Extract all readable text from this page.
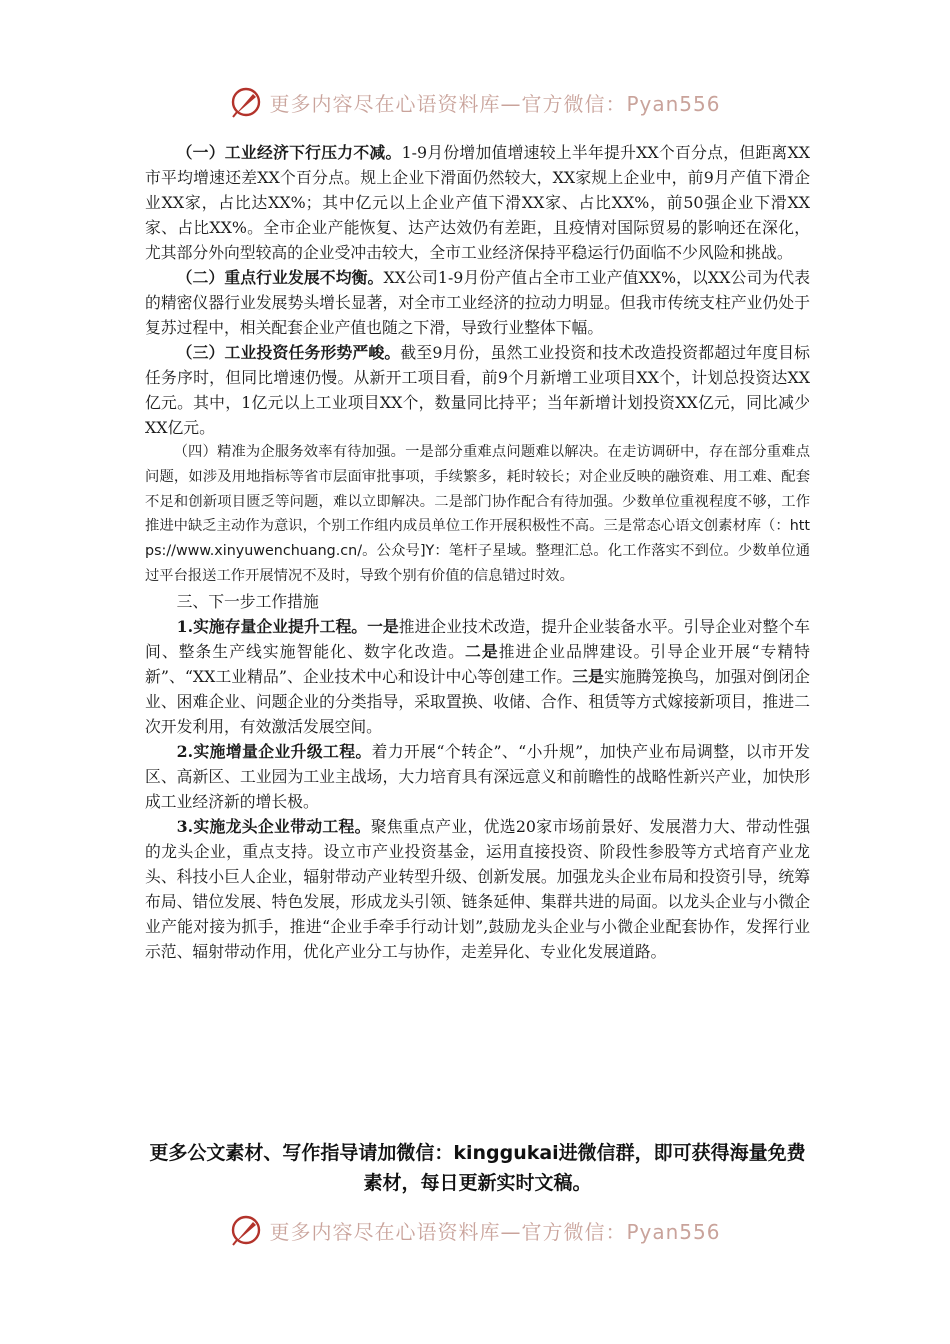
更多内容尽在心语资料库—官方微信：Pyan556

（一）工业经济下行压力不减。1-9月份增加值增速较上半年提升XX个百分点，但距离XX市平均增速还差XX个百分点。规上企业下滑面仍然较大，XX家规上企业中，前9月产值下滑企业XX家，占比达XX%；其中亿元以上企业产值下滑XX家、占比XX%，前50强企业下滑XX家、占比XX%。全市企业产能恢复、达产达效仍有差距，且疫情对国际贸易的影响还在深化，尤其部分外向型较高的企业受冲击较大，全市工业经济保持平稳运行仍面临不少风险和挑战。

（二）重点行业发展不均衡。XX公司1-9月份产值占全市工业产值XX%，以XX公司为代表的精密仪器行业发展势头增长显著，对全市工业经济的拉动力明显。但我市传统支柱产业仍处于复苏过程中，相关配套企业产值也随之下滑，导致行业整体下幅。

（三）工业投资任务形势严峻。截至9月份，虽然工业投资和技术改造投资都超过年度目标任务序时，但同比增速仍慢。从新开工项目看，前9个月新增工业项目XX个，计划总投资达XX亿元。其中，1亿元以上工业项目XX个，数量同比持平；当年新增计划投资XX亿元，同比减少XX亿元。

（四）精准为企服务效率有待加强。一是部分重难点问题难以解决。在走访调研中，存在部分重难点问题，如涉及用地指标等省市层面审批事项，手续繁多，耗时较长；对企业反映的融资难、用工难、配套不足和创新项目匮乏等问题，难以立即解决。二是部门协作配合有待加强。少数单位重视程度不够，工作推进中缺乏主动作为意识，个别工作组内成员单位工作开展积极性不高。三是常态心语文创素材库（：https://www.xinyuwenchuang.cn/。公众号]Y：笔杆子星域。整理汇总。化工作落实不到位。少数单位通过平台报送工作开展情况不及时，导致个别有价值的信息错过时效。

三、下一步工作措施

1.实施存量企业提升工程。一是推进企业技术改造，提升企业装备水平。引导企业对整个车间、整条生产线实施智能化、数字化改造。二是推进企业品牌建设。引导企业开展“专精特新”、“XX工业精品”、企业技术中心和设计中心等创建工作。三是实施腾笼换鸟，加强对倒闭企业、困难企业、问题企业的分类指导，采取置换、收储、合作、租赁等方式嫁接新项目，推进二次开发利用，有效激活发展空间。

2.实施增量企业升级工程。着力开展“个转企”、“小升规”，加快产业布局调整，以市开发区、高新区、工业园为工业主战场，大力培育具有深远意义和前瞻性的战略性新兴产业，加快形成工业经济新的增长极。

3.实施龙头企业带动工程。聚焦重点产业，优选20家市场前景好、发展潜力大、带动性强的龙头企业，重点支持。设立市产业投资基金，运用直接投资、阶段性参股等方式培育产业龙头、科技小巨人企业，辐射带动产业转型升级、创新发展。加强龙头企业布局和投资引导，统筹布局、错位发展、特色发展，形成龙头引领、链条延伸、集群共进的局面。以龙头企业与小微企业产能对接为抓手，推进“企业手牵手行动计划”,鼓励龙头企业与小微企业配套协作，发挥行业示范、辐射带动作用，优化产业分工与协作，走差异化、专业化发展道路。

更多公文素材、写作指导请加微信：kinggukai进微信群，即可获得海量免费素材，每日更新实时文稿。
更多内容尽在心语资料库—官方微信：Pyan556
